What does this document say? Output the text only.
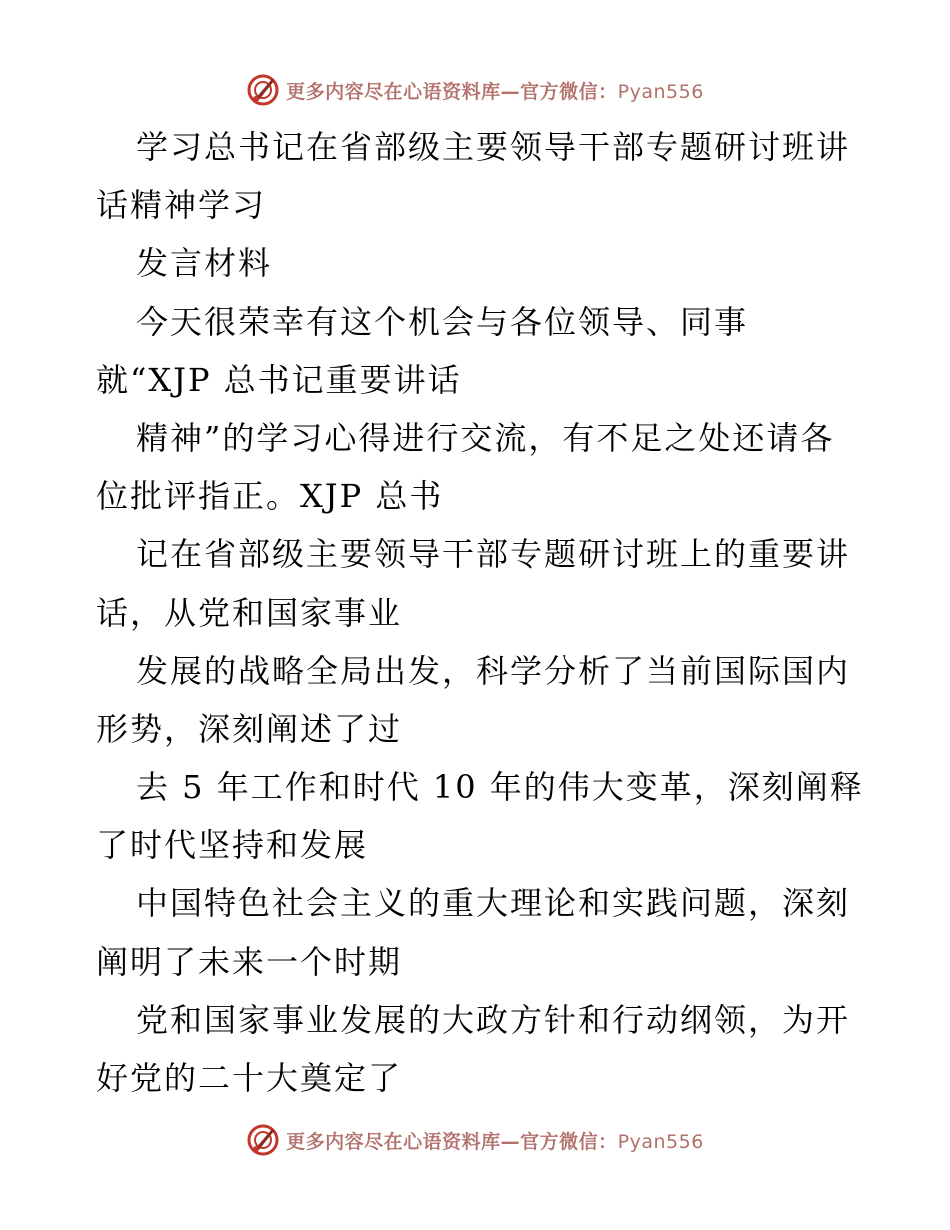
更多内容尽在心语资料库—官方微信：Pyan556
学习总书记在省部级主要领导干部专题研讨班讲
话精神学习
发言材料
今天很荣幸有这个机会与各位领导、同事
就“XJP 总书记重要讲话
精神”的学习心得进行交流，有不足之处还请各
位批评指正。XJP 总书
记在省部级主要领导干部专题研讨班上的重要讲
话，从党和国家事业
发展的战略全局出发，科学分析了当前国际国内
形势，深刻阐述了过
去 5 年工作和时代 10 年的伟大变革，深刻阐释
了时代坚持和发展
中国特色社会主义的重大理论和实践问题，深刻
阐明了未来一个时期
党和国家事业发展的大政方针和行动纲领，为开
好党的二十大奠定了
更多内容尽在心语资料库—官方微信：Pyan556
